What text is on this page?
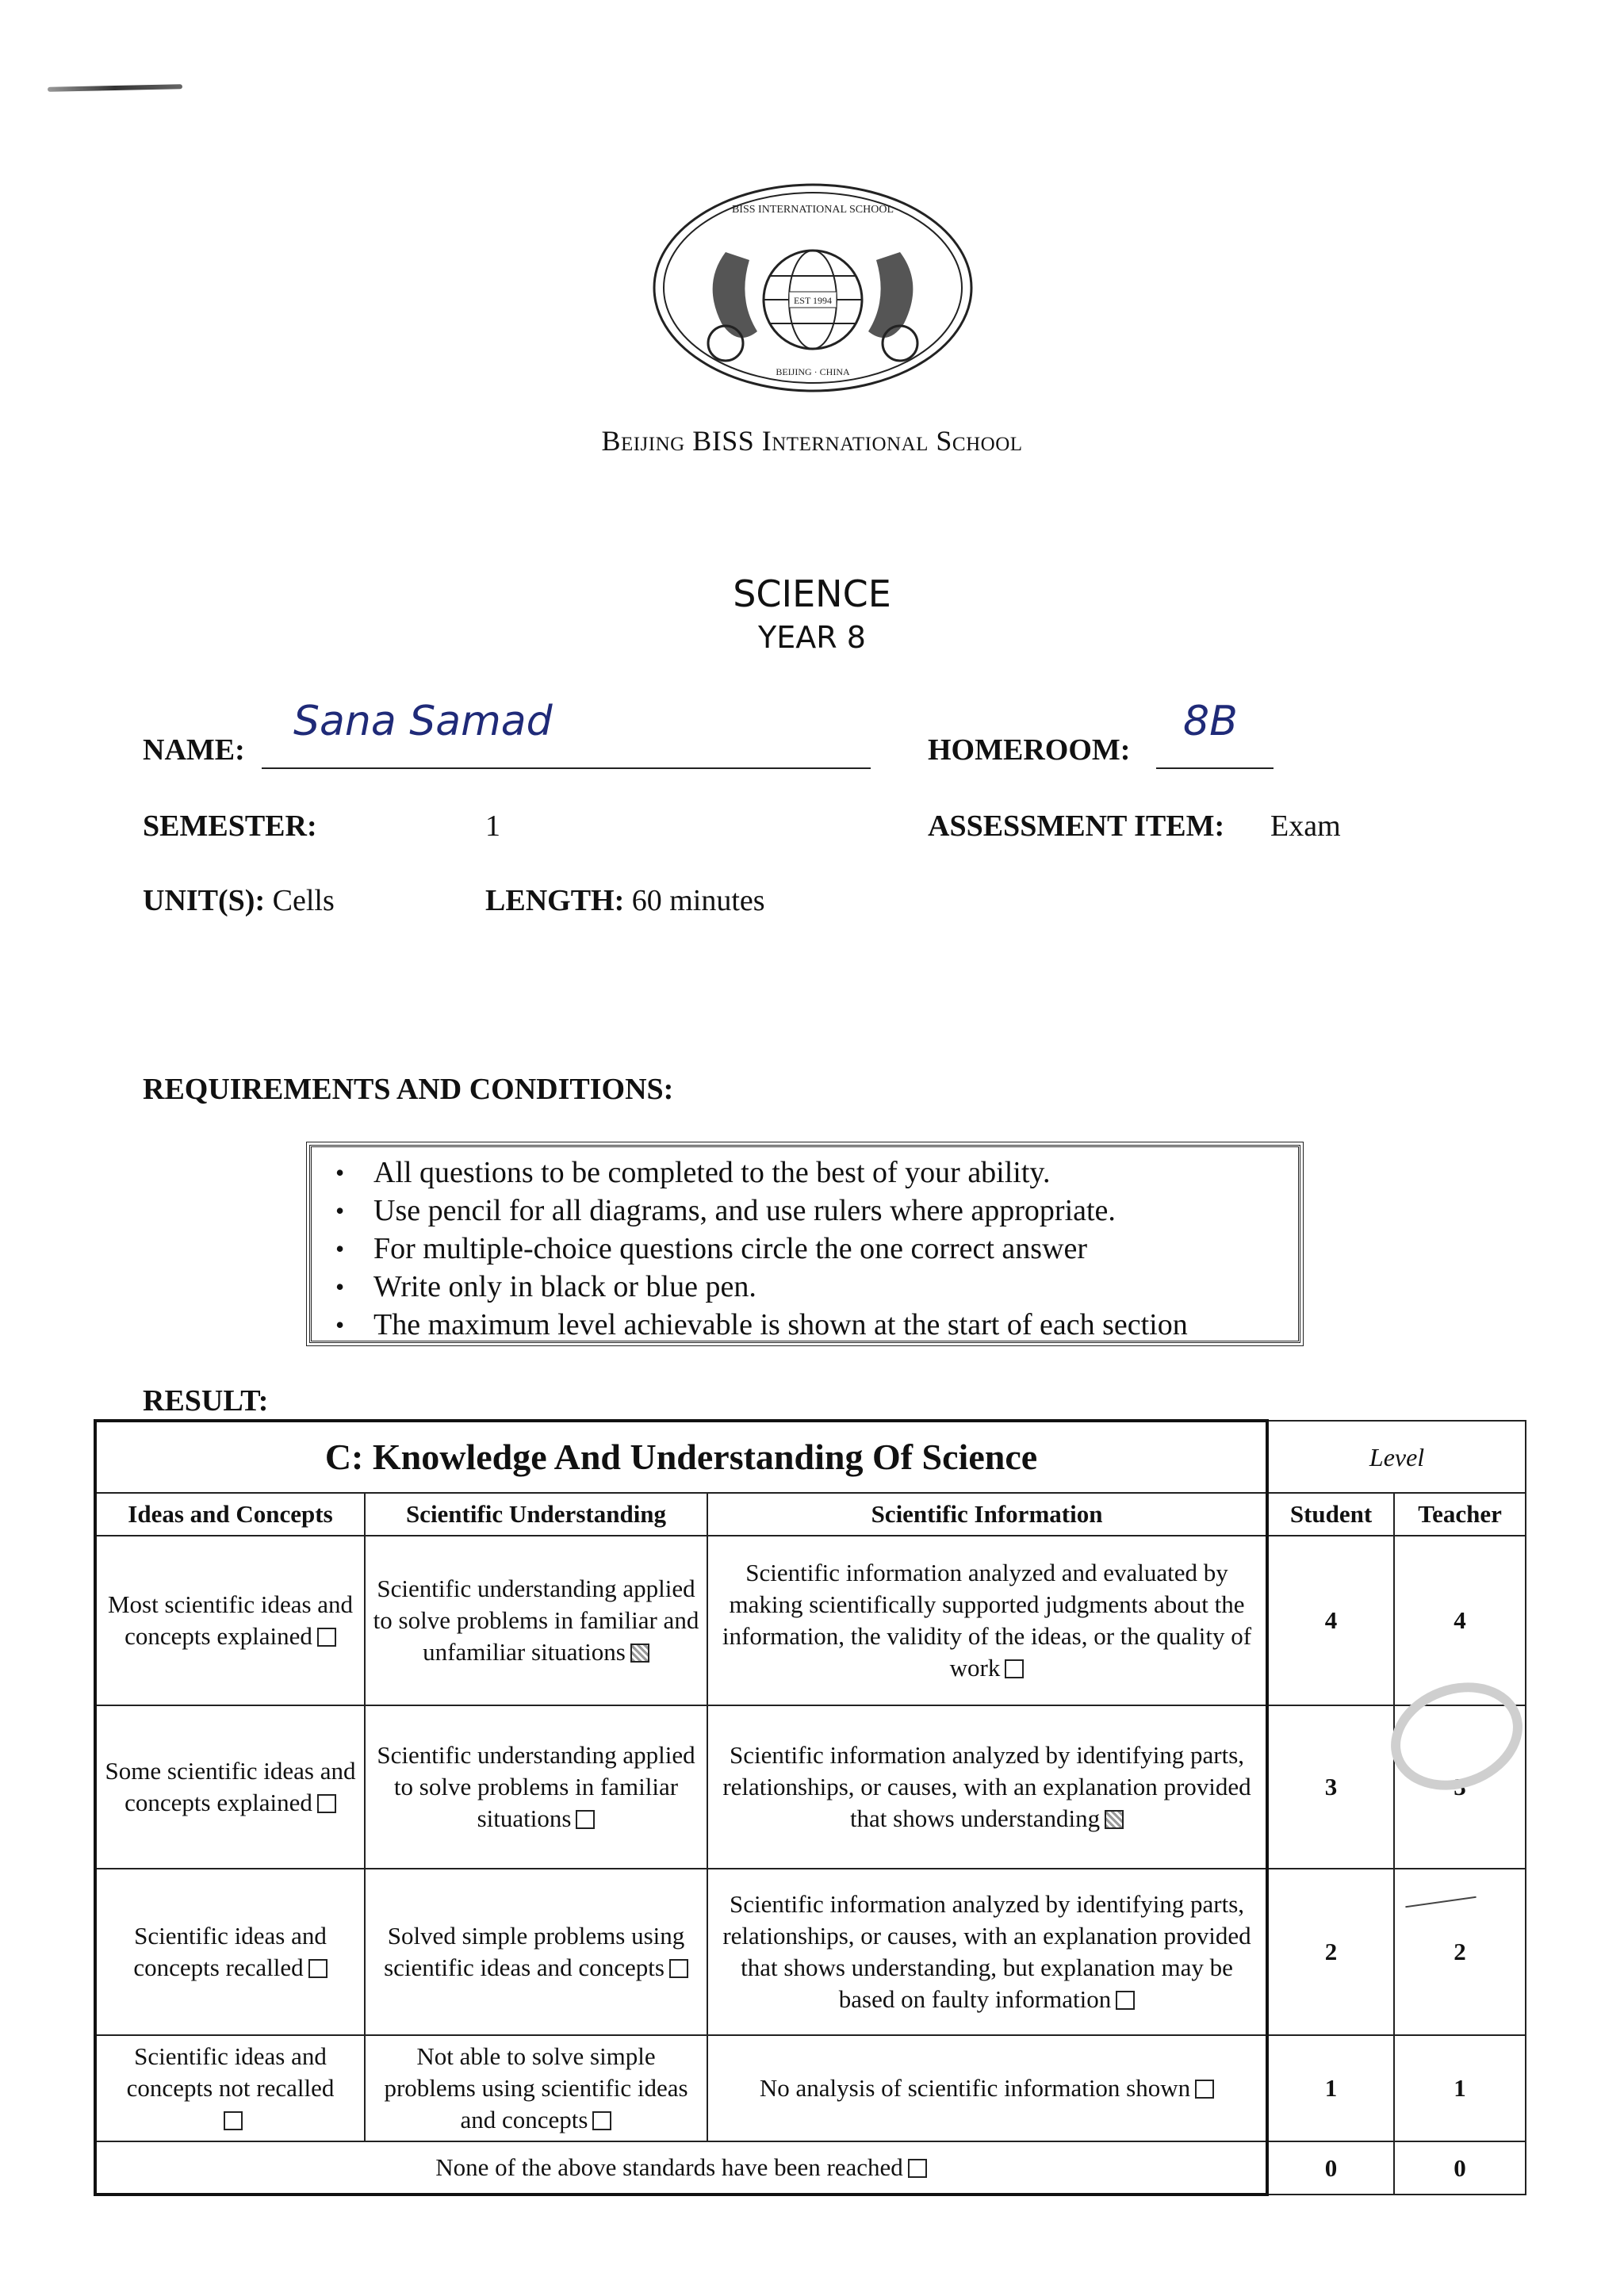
BISS INTERNATIONAL SCHOOL
EST 1994
BEIJING · CHINA
Beijing BISS International School
SCIENCE
YEAR 8
NAME:
Sana Samad
HOMEROOM:
8B
SEMESTER:	1	ASSESSMENT ITEM: Exam
UNIT(S): Cells	LENGTH: 60 minutes
REQUIREMENTS AND CONDITIONS:
• All questions to be completed to the best of your ability.
• Use pencil for all diagrams, and use rulers where appropriate.
• For multiple-choice questions circle the one correct answer
• Write only in black or blue pen.
• The maximum level achievable is shown at the start of each section
RESULT:
C: Knowledge And Understanding Of Science			Level	
Ideas and Concepts	Scientific Understanding	Scientific Information	Student	Teacher
Most scientific ideas and concepts explained	Scientific understanding applied to solve problems in familiar and unfamiliar situations	Scientific information analyzed and evaluated by making scientifically supported judgments about the information, the validity of the ideas, or the quality of work	4	4
Some scientific ideas and concepts explained	Scientific understanding applied to solve problems in familiar situations	Scientific information analyzed by identifying parts, relationships, or causes, with an explanation provided that shows understanding	3	3
Scientific ideas and concepts recalled	Solved simple problems using scientific ideas and concepts	Scientific information analyzed by identifying parts, relationships, or causes, with an explanation provided that shows understanding, but explanation may be based on faulty information	2	2
Scientific ideas and concepts not recalled	Not able to solve simple problems using scientific ideas and concepts	No analysis of scientific information shown	1	1
None of the above standards have been reached			0	0
